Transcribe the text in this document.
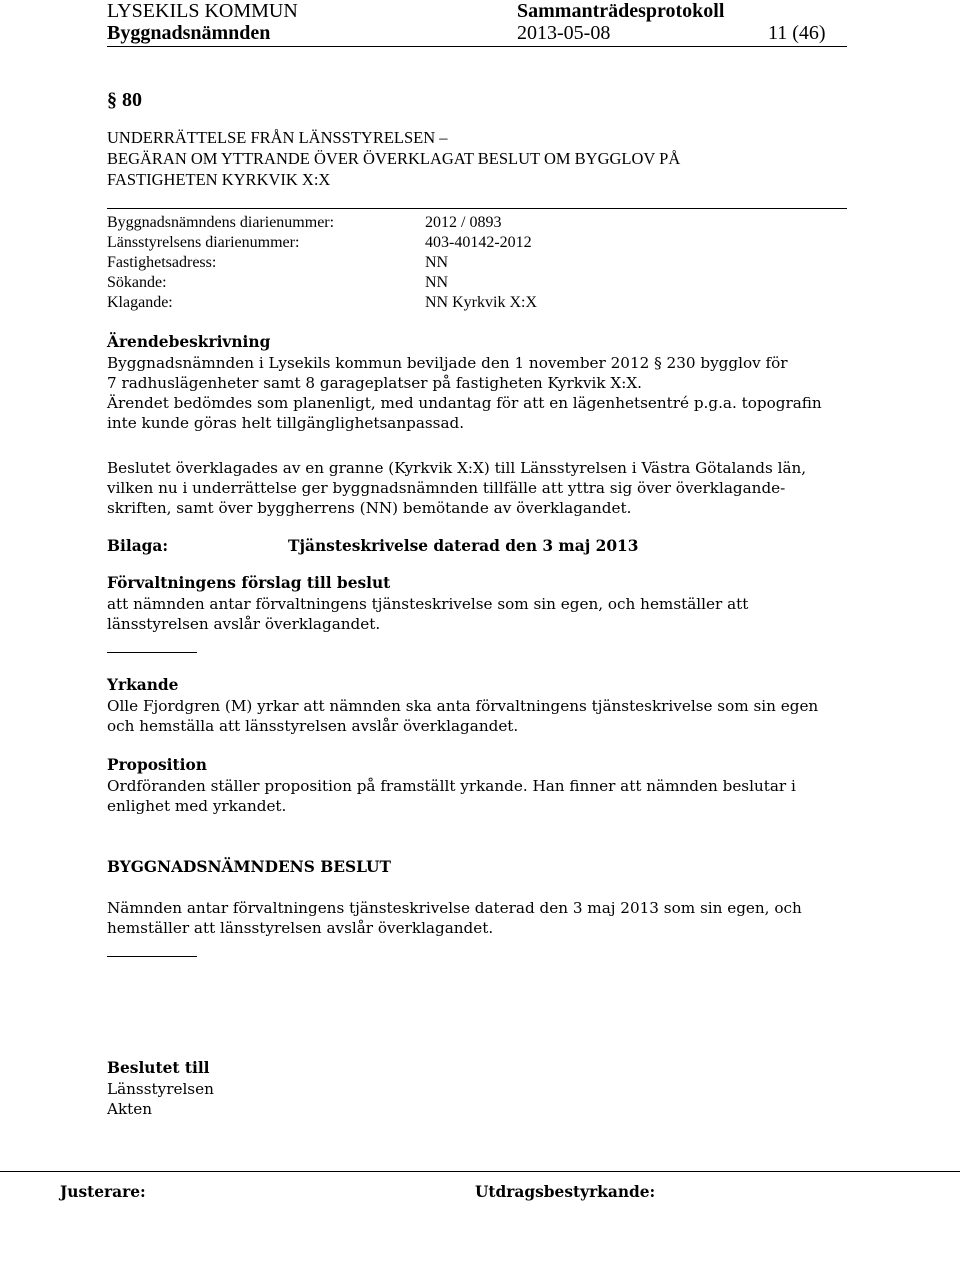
LYSEKILS KOMMUN	Sammanträdesprotokoll
Byggnadsnämnden	2013-05-08	11 (46)
§ 80
UNDERRÄTTELSE FRÅN LÄNSSTYRELSEN –
BEGÄRAN OM YTTRANDE ÖVER ÖVERKLAGAT BESLUT OM BYGGLOV PÅ
FASTIGHETEN KYRKVIK X:X
Byggnadsnämndens diarienummer:	2012 / 0893
Länsstyrelsens diarienummer:	403-40142-2012
Fastighetsadress:	NN
Sökande:	NN
Klagande:	NN Kyrkvik X:X
Ärendebeskrivning
Byggnadsnämnden i Lysekils kommun beviljade den 1 november 2012 § 230 bygglov för
7 radhuslägenheter samt 8 garageplatser på fastigheten Kyrkvik X:X.
Ärendet bedömdes som planenligt, med undantag för att en lägenhetsentré p.g.a. topografin
inte kunde göras helt tillgänglighetsanpassad.
Beslutet överklagades av en granne (Kyrkvik X:X) till Länsstyrelsen i Västra Götalands län,
vilken nu i underrättelse ger byggnadsnämnden tillfälle att yttra sig över överklagande-
skriften, samt över byggherrens (NN) bemötande av överklagandet.
Bilaga:	Tjänsteskrivelse daterad den 3 maj 2013
Förvaltningens förslag till beslut
att nämnden antar förvaltningens tjänsteskrivelse som sin egen, och hemställer att
länsstyrelsen avslår överklagandet.
Yrkande
Olle Fjordgren (M) yrkar att nämnden ska anta förvaltningens tjänsteskrivelse som sin egen
och hemställa att länsstyrelsen avslår överklagandet.
Proposition
Ordföranden ställer proposition på framställt yrkande. Han finner att nämnden beslutar i
enlighet med yrkandet.
BYGGNADSNÄMNDENS BESLUT
Nämnden antar förvaltningens tjänsteskrivelse daterad den 3 maj 2013 som sin egen, och
hemställer att länsstyrelsen avslår överklagandet.
Beslutet till
Länsstyrelsen
Akten
Justerare:	Utdragsbestyrkande:
